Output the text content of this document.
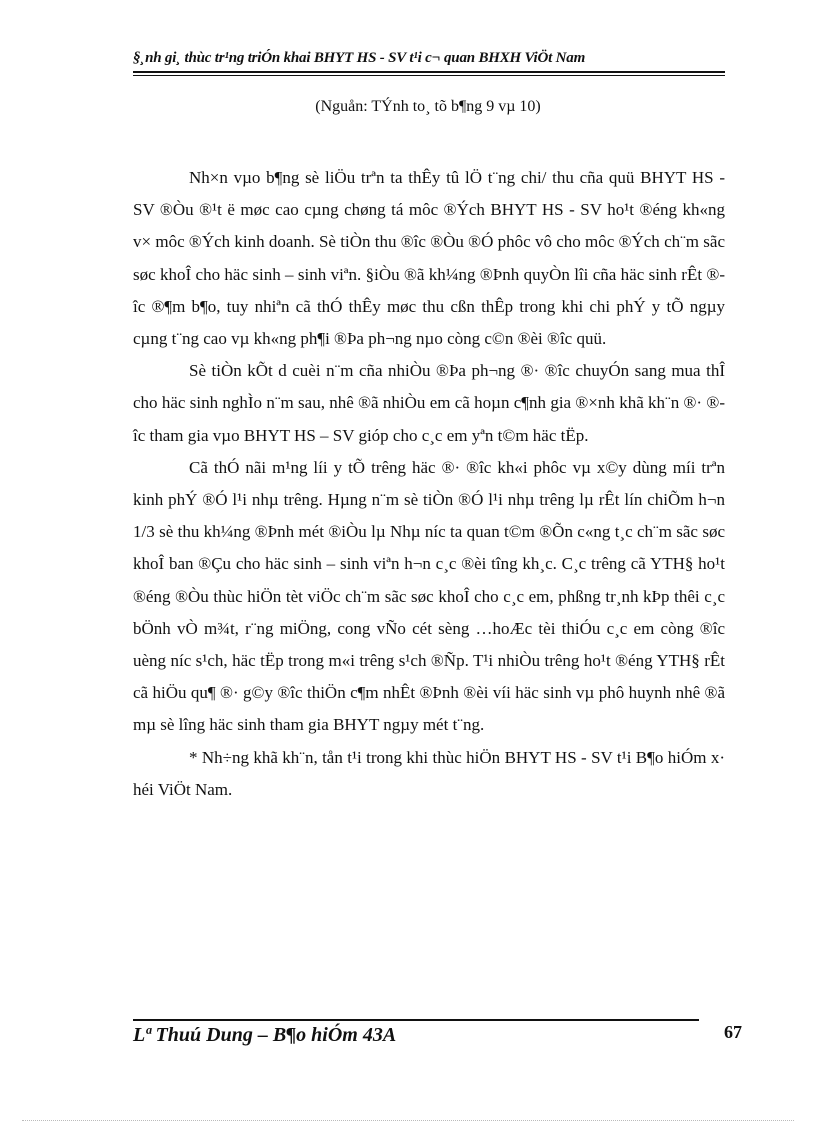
§¸nh gi¸ thùc tr¹ng triÓn khai BHYT HS - SV t¹i c¬ quan BHXH ViÖt Nam
(Nguån: TÝnh to¸ tõ b¶ng 9 vµ 10)

Nh×n vµo b¶ng sè liÖu trªn ta thÊy tû lÖ t¨ng chi/ thu cña quü BHYT HS - SV ®Òu ®¹t ë møc cao cµng chøng tá môc ®Ých BHYT HS - SV ho¹t ®éng kh«ng v× môc ®Ých kinh doanh. Sè tiÒn thu ®îc ®Òu ®Ó phôc vô cho môc ®Ých ch¨m sãc søc khoÎ cho häc sinh – sinh viªn. §iÒu ®ã kh¼ng ®Þnh quyÒn lîi cña häc sinh rÊt ®îc ®¶m b¶o, tuy nhiªn cã thÓ thÊy møc thu cßn thÊp trong khi chi phÝ y tÕ ngµy cµng t¨ng cao vµ kh«ng ph¶i ®Þa ph¬ng nµo còng c©n ®èi ®îc quü.

Sè tiÒn kÕt d cuèi n¨m cña nhiÒu ®Þa ph¬ng ®· ®îc chuyÓn sang mua thÎ cho häc sinh nghÌo n¨m sau, nhê ®ã nhiÒu em cã hoµn c¶nh gia ®×nh khã kh¨n ®· ®îc tham gia vµo BHYT HS – SV gióp cho c¸c em yªn t©m häc tËp.

Cã thÓ nãi m¹ng líi y tÕ trêng häc ®· ®îc kh«i phôc vµ x©y dùng míi trªn kinh phÝ ®Ó l¹i nhµ trêng. Hµng n¨m sè tiÒn ®Ó l¹i nhµ trêng lµ rÊt lín chiÕm h¬n 1/3 sè thu kh¼ng ®Þnh mét ®iÒu lµ Nhµ níc ta quan t©m ®Õn c«ng t¸c ch¨m sãc søc khoÎ ban ®Çu cho häc sinh – sinh viªn h¬n c¸c ®èi tîng kh¸c. C¸c trêng cã YTH§ ho¹t ®éng ®Òu thùc hiÖn tèt viÖc ch¨m sãc søc khoÎ cho c¸c em, phßng tr¸nh kÞp thêi c¸c bÖnh vÒ m¾t, r¨ng miÖng, cong vÑo cét sèng …hoÆc tèi thiÓu c¸c em còng ®îc uèng níc s¹ch, häc tËp trong m«i trêng s¹ch ®Ñp. T¹i nhiÒu trêng ho¹t ®éng YTH§ rÊt cã hiÖu qu¶ ®· g©y ®îc thiÖn c¶m nhÊt ®Þnh ®èi víi häc sinh vµ phô huynh nhê ®ã mµ sè lîng häc sinh tham gia BHYT ngµy mét t¨ng.

* Nh÷ng khã kh¨n, tån t¹i trong khi thùc hiÖn BHYT HS - SV t¹i B¶o hiÓm x· héi ViÖt Nam.

Lª Thuú Dung – B¶o hiÓm 43A	67
